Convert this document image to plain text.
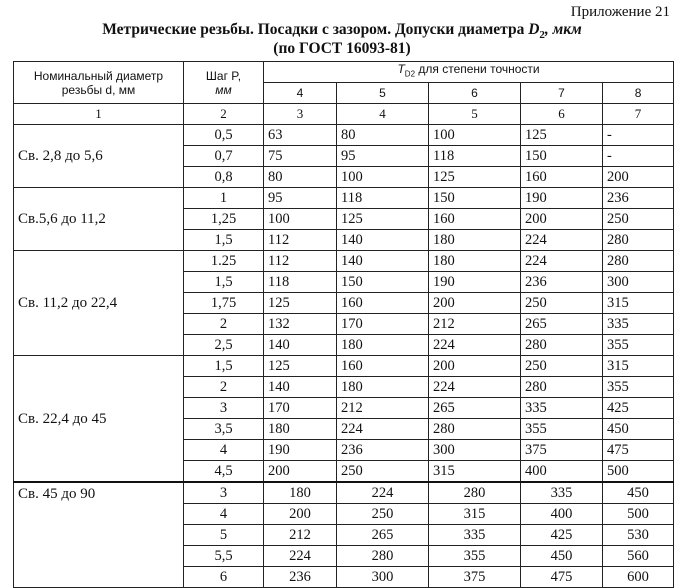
Приложение 21
Метрические резьбы. Посадки с зазором. Допуски диаметра $D_2$, мкм
(по ГОСТ 16093-81)
Номинальный диаметр резьбы d, мм	Шаг P,
мм	$T_{D2}$ для степени точности				
		4	5	6	7	8
1	2	3	4	5	6	7
Св. 2,8 до 5,6	0,5	63	80	100	125	-
	0,7	75	95	118	150	-
	0,8	80	100	125	160	200
Св.5,6 до 11,2	1	95	118	150	190	236
	1,25	100	125	160	200	250
	1,5	112	140	180	224	280
Св. 11,2 до 22,4	1.25	112	140	180	224	280
	1,5	118	150	190	236	300
	1,75	125	160	200	250	315
	2	132	170	212	265	335
	2,5	140	180	224	280	355
Св. 22,4 до 45	1,5	125	160	200	250	315
	2	140	180	224	280	355
	3	170	212	265	335	425
	3,5	180	224	280	355	450
	4	190	236	300	375	475
	4,5	200	250	315	400	500
Св. 45 до 90	3	180	224	280	335	450
	4	200	250	315	400	500
	5	212	265	335	425	530
	5,5	224	280	355	450	560
	6	236	300	375	475	600
